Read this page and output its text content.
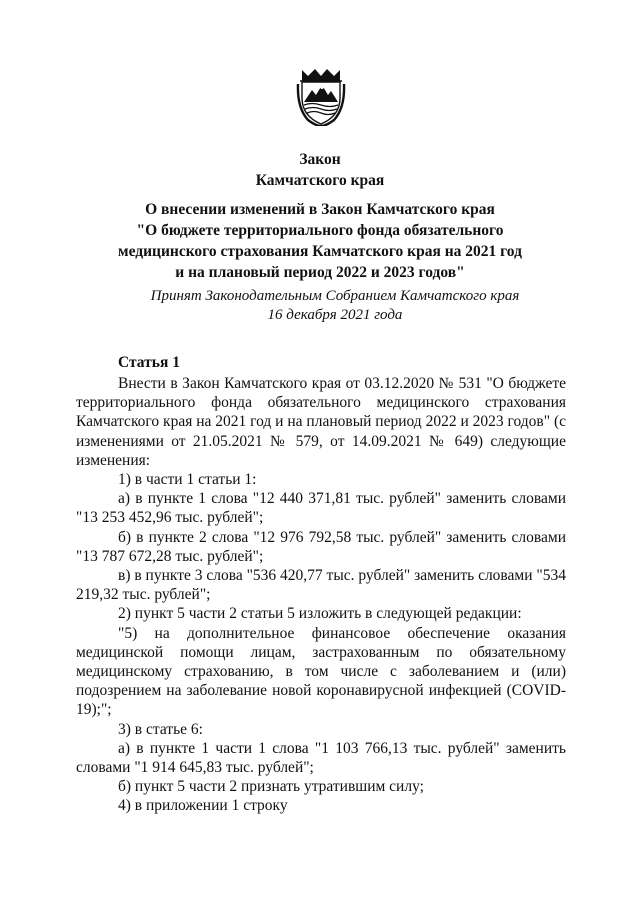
Закон
Камчатского края
О внесении изменений в Закон Камчатского края
"О бюджете территориального фонда обязательного
медицинского страхования Камчатского края на 2021 год
и на плановый период 2022 и 2023 годов"
Принят Законодательным Собранием Камчатского края
16 декабря 2021 года
Статья 1

Внести в Закон Камчатского края от 03.12.2020 № 531 "О бюджете территориального фонда обязательного медицинского страхования Камчатского края на 2021 год и на плановый период 2022 и 2023 годов" (с изменениями от 21.05.2021 № 579, от 14.09.2021 № 649) следующие изменения:

1) в части 1 статьи 1:

а) в пункте 1 слова "12 440 371,81 тыс. рублей" заменить словами "13 253 452,96 тыс. рублей";

б) в пункте 2 слова "12 976 792,58 тыс. рублей" заменить словами "13 787 672,28 тыс. рублей";

в) в пункте 3 слова "536 420,77 тыс. рублей" заменить словами "534 219,32 тыс. рублей";

2) пункт 5 части 2 статьи 5 изложить в следующей редакции:

"5) на дополнительное финансовое обеспечение оказания медицинской помощи лицам, застрахованным по обязательному медицинскому страхованию, в том числе с заболеванием и (или) подозрением на заболевание новой коронавирусной инфекцией (COVID-19);";

3) в статье 6:

а) в пункте 1 части 1 слова "1 103 766,13 тыс. рублей" заменить словами "1 914 645,83 тыс. рублей";

б) пункт 5 части 2 признать утратившим силу;

4) в приложении 1 строку
